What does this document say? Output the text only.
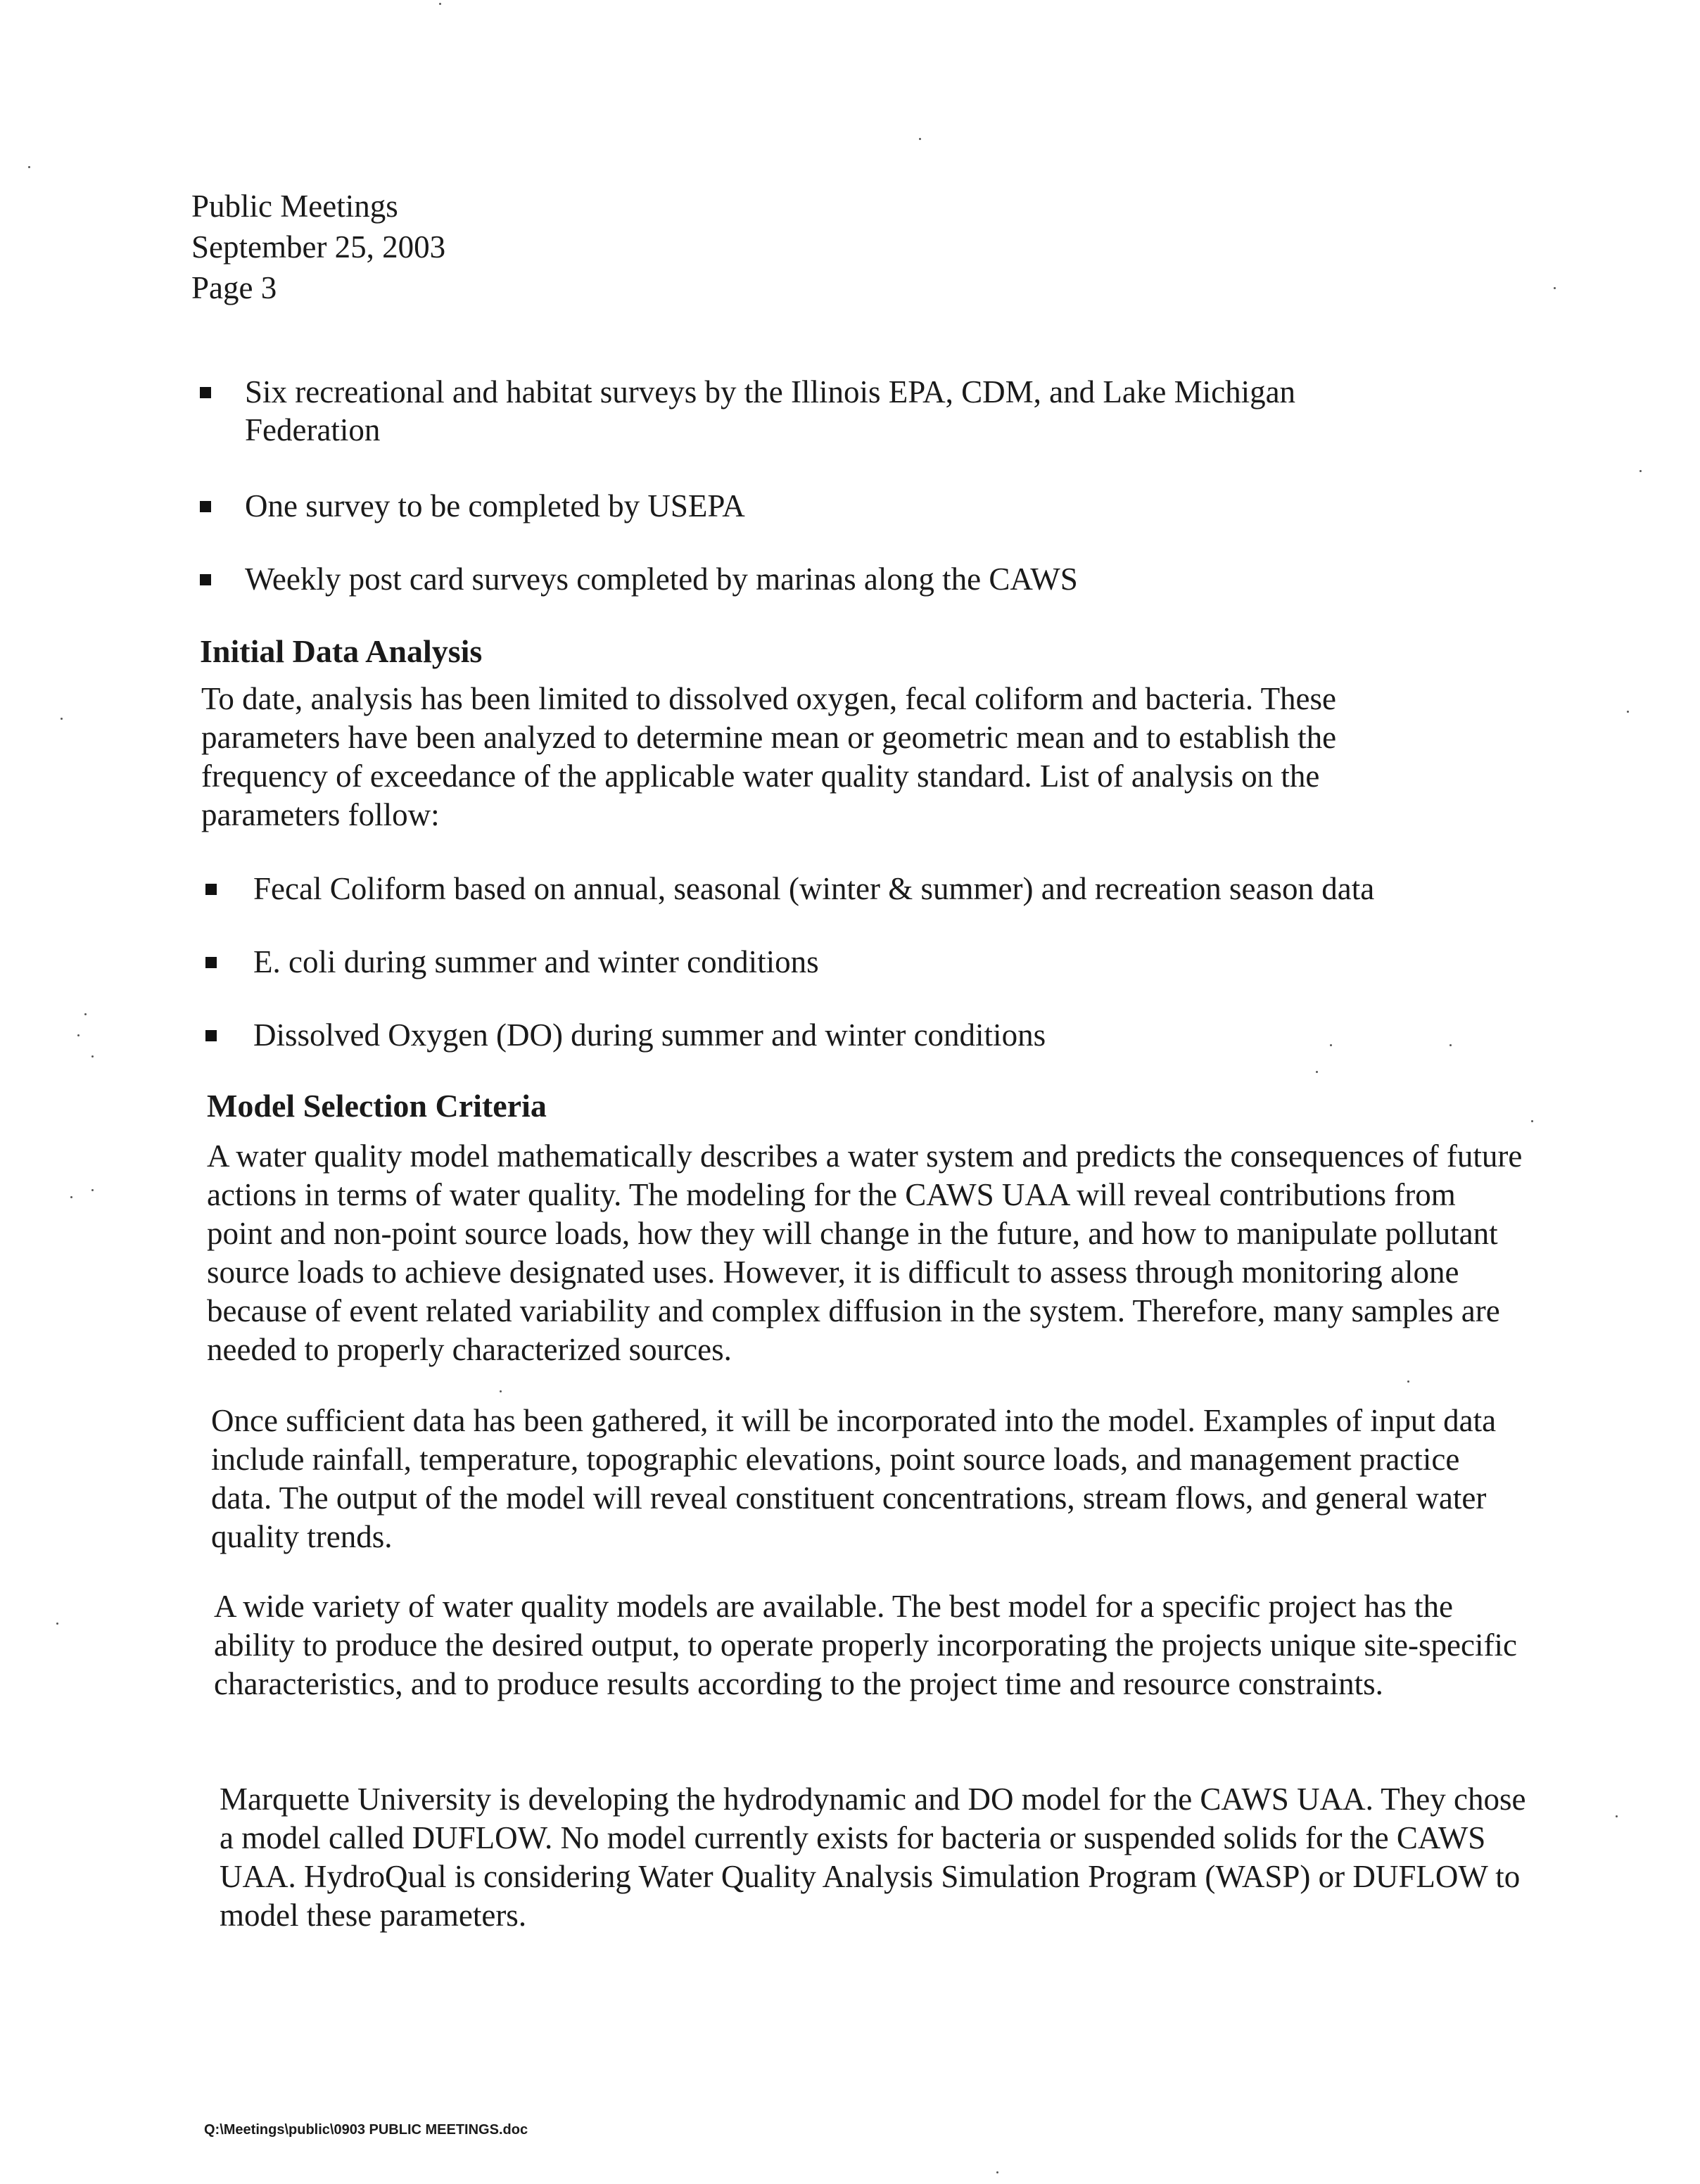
Public Meetings
September 25, 2003
Page 3
Six recreational and habitat surveys by the Illinois EPA, CDM, and Lake Michigan Federation
One survey to be completed by USEPA
Weekly post card surveys completed by marinas along the CAWS
Initial Data Analysis

To date, analysis has been limited to dissolved oxygen, fecal coliform and bacteria. These parameters have been analyzed to determine mean or geometric mean and to establish the frequency of exceedance of the applicable water quality standard. List of analysis on the parameters follow:

Fecal Coliform based on annual, seasonal (winter & summer) and recreation season data
E. coli during summer and winter conditions
Dissolved Oxygen (DO) during summer and winter conditions
Model Selection Criteria

A water quality model mathematically describes a water system and predicts the consequences of future actions in terms of water quality. The modeling for the CAWS UAA will reveal contributions from point and non-point source loads, how they will change in the future, and how to manipulate pollutant source loads to achieve designated uses. However, it is difficult to assess through monitoring alone because of event related variability and complex diffusion in the system. Therefore, many samples are needed to properly characterized sources.

Once sufficient data has been gathered, it will be incorporated into the model. Examples of input data include rainfall, temperature, topographic elevations, point source loads, and management practice data. The output of the model will reveal constituent concentrations, stream flows, and general water quality trends.

A wide variety of water quality models are available. The best model for a specific project has the ability to produce the desired output, to operate properly incorporating the projects unique site-specific characteristics, and to produce results according to the project time and resource constraints.

Marquette University is developing the hydrodynamic and DO model for the CAWS UAA. They chose a model called DUFLOW. No model currently exists for bacteria or suspended solids for the CAWS UAA. HydroQual is considering Water Quality Analysis Simulation Program (WASP) or DUFLOW to model these parameters.

Q:\Meetings\public\0903 PUBLIC MEETINGS.doc
